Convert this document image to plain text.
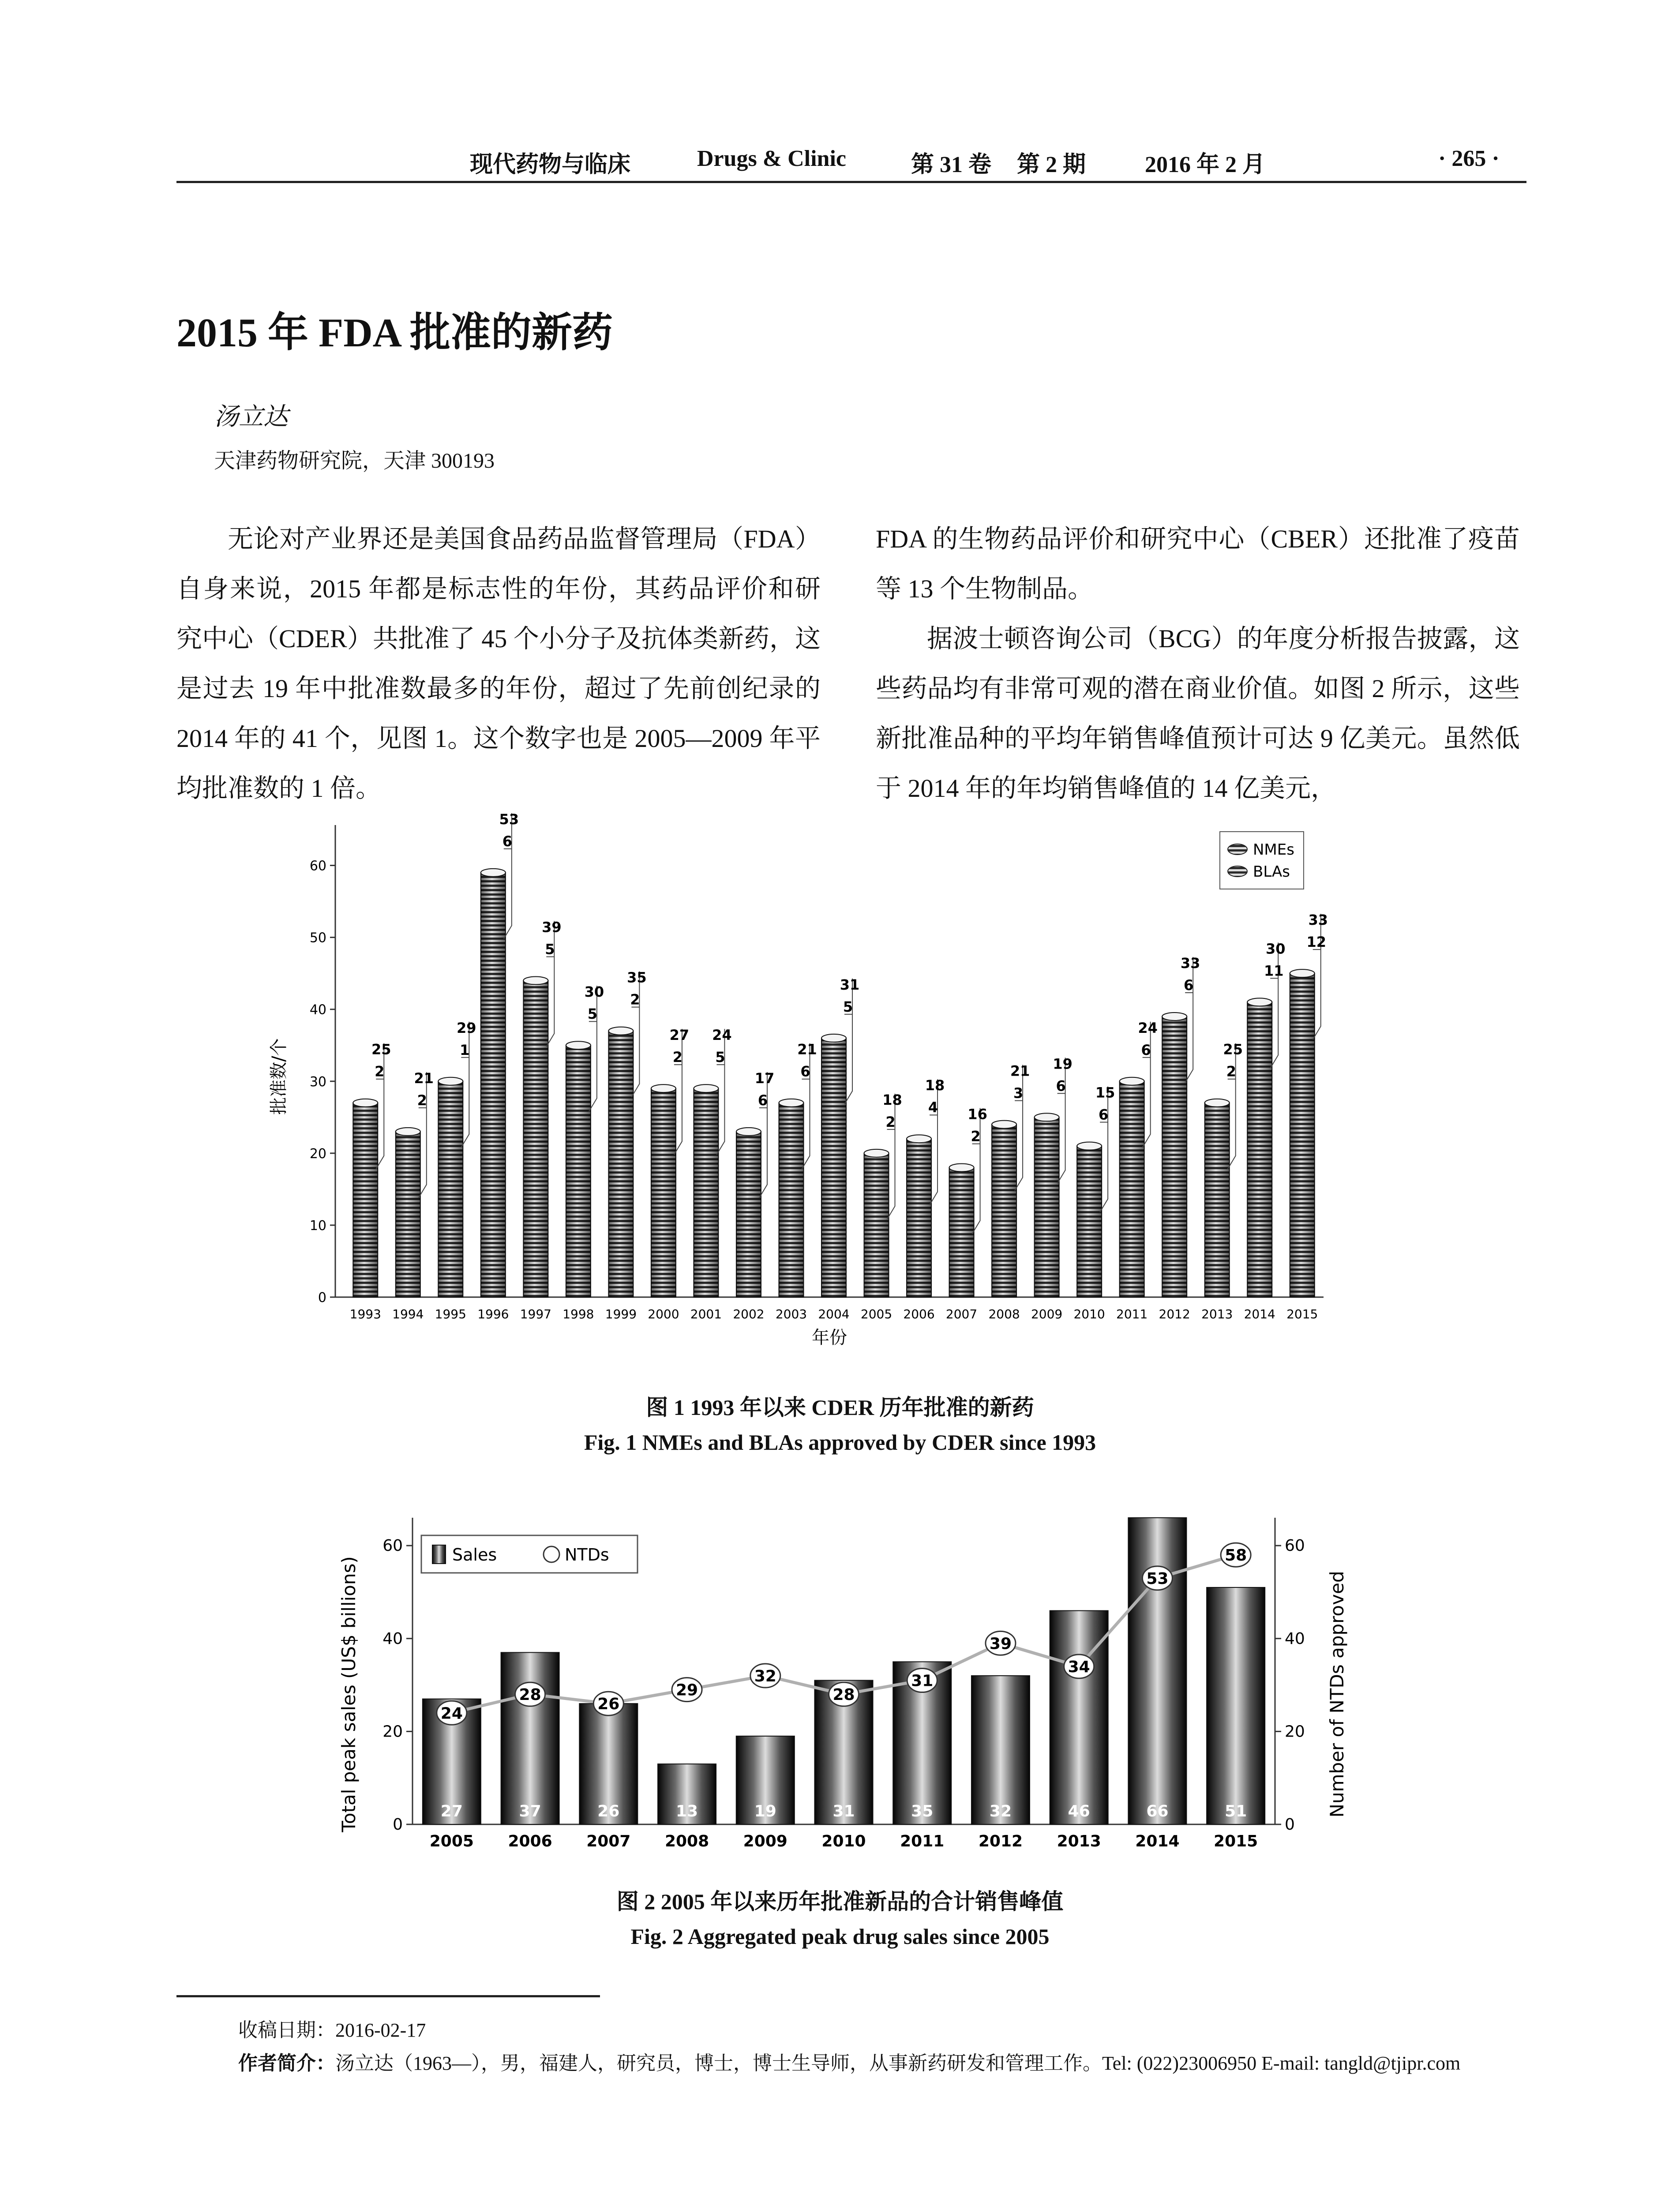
现代药物与临床	Drugs & Clinic	第 31 卷 第 2 期	2016 年 2 月	· 265 ·
2015 年 FDA 批准的新药
汤立达
天津药物研究院，天津 300193

无论对产业界还是美国食品药品监督管理局（FDA）自身来说，2015 年都是标志性的年份，其药品评价和研究中心（CDER）共批准了 45 个小分子及抗体类新药，这是过去 19 年中批准数最多的年份，超过了先前创纪录的 2014 年的 41 个，见图 1。这个数字也是 2005—2009 年平均批准数的 1 倍。

FDA 的生物药品评价和研究中心（CBER）还批准了疫苗等 13 个生物制品。

据波士顿咨询公司（BCG）的年度分析报告披露，这些药品均有非常可观的潜在商业价值。如图 2 所示，这些新批准品种的平均年销售峰值预计可达 9 亿美元。虽然低于 2014 年的年均销售峰值的 14 亿美元，

0
10
20
30
40
50
60
1993 1994 1995 1996 1997 1998 1999 2000 2001 2002 2003 2004 2005 2006 2007 2008 2009 2010 2011 2012 2013 2014 2015
2
25
2
21
1
29
6
53
5
39
5
30 2
35
2
27
5
24
6
17 6
21
5
31
2
18 4
18
2
16
3
21
6
19
6
15
6
24
6
33
2
25
11
30 12
33
NMEs
BLAs
年份
批准数/个
图 1 1993 年以来 CDER 历年批准的新药
Fig. 1 NMEs and BLAs approved by CDER since 1993
0	0
20	20
40	40
60	60
2005 2006 2007 2008 2009 2010 2011 2012 2013 2014 2015
27	37	26	13	19	31	35	32	46	66	51
24
28
26
29
32
28
31
39
34
53
58
Sales	NTDs
Total peak sales (US$ billions)	Number of NTDs approved
图 2 2005 年以来历年批准新品的合计销售峰值
Fig. 2 Aggregated peak drug sales since 2005
收稿日期：2016-02-17
作者简介：汤立达（1963—），男，福建人，研究员，博士，博士生导师，从事新药研发和管理工作。Tel: (022)23006950 E-mail: tangld@tjipr.com
